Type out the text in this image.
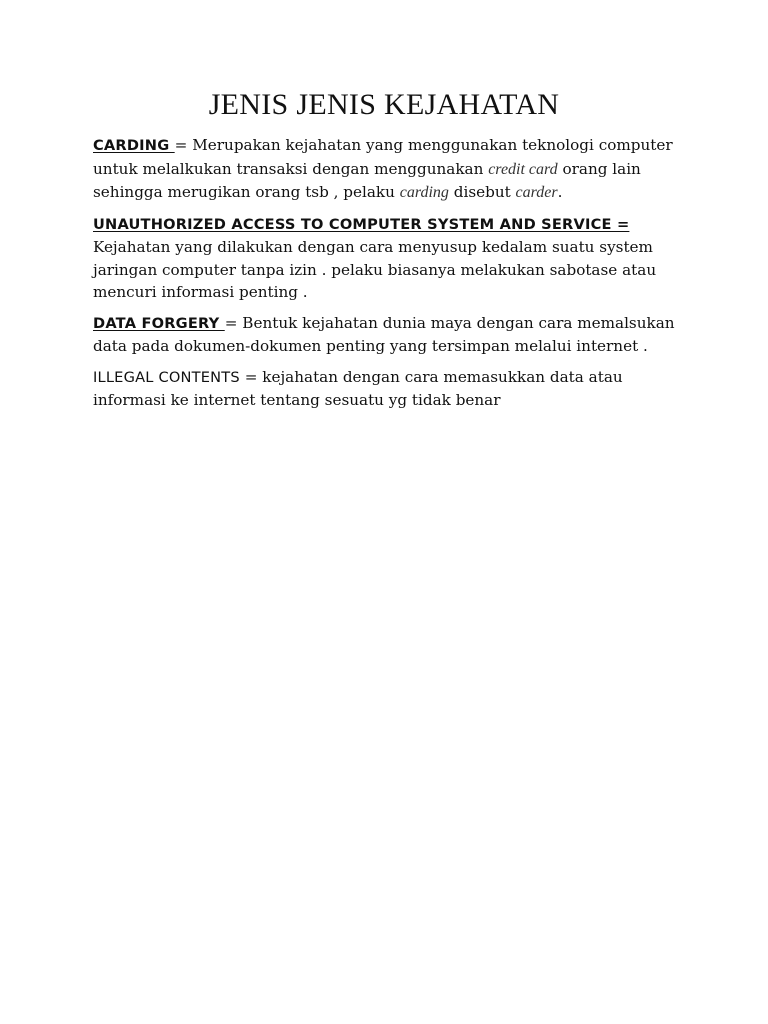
JENIS JENIS KEJAHATAN

CARDING = Merupakan kejahatan yang menggunakan teknologi computer untuk melalkukan transaksi dengan menggunakan credit card orang lain sehingga merugikan orang tsb , pelaku carding disebut carder.

UNAUTHORIZED ACCESS TO COMPUTER SYSTEM AND SERVICE = Kejahatan yang dilakukan dengan cara menyusup kedalam suatu system jaringan computer tanpa izin . pelaku biasanya melakukan sabotase atau mencuri informasi penting .

DATA FORGERY = Bentuk kejahatan dunia maya dengan cara memalsukan data pada dokumen-dokumen penting yang tersimpan melalui internet .

ILLEGAL CONTENTS = kejahatan dengan cara memasukkan data atau informasi ke internet tentang sesuatu yg tidak benar
